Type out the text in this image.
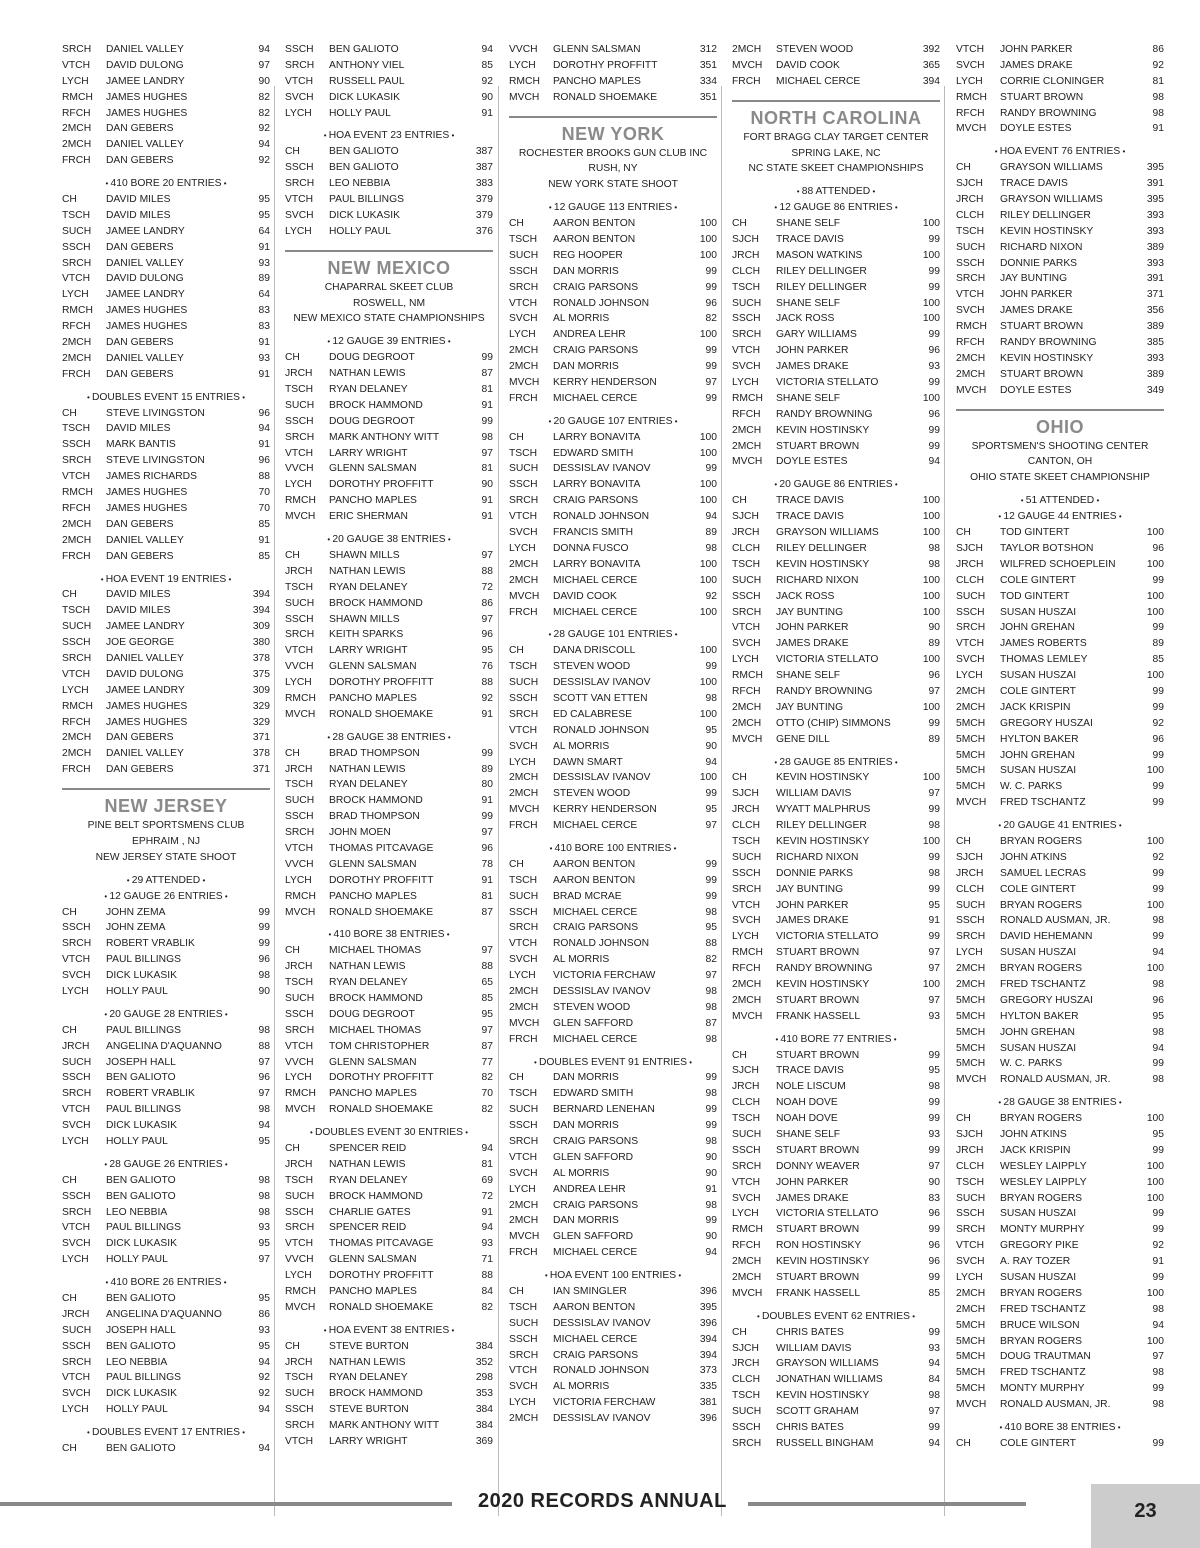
SRCH	DANIEL VALLEY	94
VTCH	DAVID DULONG	97
LYCH	JAMEE LANDRY	90
RMCH	JAMES HUGHES	82
RFCH	JAMES HUGHES	82
2MCH	DAN GEBERS	92
2MCH	DANIEL VALLEY	94
FRCH	DAN GEBERS	92
• 410 BORE 20 ENTRIES •
CH	DAVID MILES	95
TSCH	DAVID MILES	95
SUCH	JAMEE LANDRY	64
SSCH	DAN GEBERS	91
SRCH	DANIEL VALLEY	93
VTCH	DAVID DULONG	89
LYCH	JAMEE LANDRY	64
RMCH	JAMES HUGHES	83
RFCH	JAMES HUGHES	83
2MCH	DAN GEBERS	91
2MCH	DANIEL VALLEY	93
FRCH	DAN GEBERS	91
• DOUBLES EVENT 15 ENTRIES •
CH	STEVE LIVINGSTON	96
TSCH	DAVID MILES	94
SSCH	MARK BANTIS	91
SRCH	STEVE LIVINGSTON	96
VTCH	JAMES RICHARDS	88
RMCH	JAMES HUGHES	70
RFCH	JAMES HUGHES	70
2MCH	DAN GEBERS	85
2MCH	DANIEL VALLEY	91
FRCH	DAN GEBERS	85
• HOA EVENT 19 ENTRIES •
CH	DAVID MILES	394
TSCH	DAVID MILES	394
SUCH	JAMEE LANDRY	309
SSCH	JOE GEORGE	380
SRCH	DANIEL VALLEY	378
VTCH	DAVID DULONG	375
LYCH	JAMEE LANDRY	309
RMCH	JAMES HUGHES	329
RFCH	JAMES HUGHES	329
2MCH	DAN GEBERS	371
2MCH	DANIEL VALLEY	378
FRCH	DAN GEBERS	371
NEW JERSEY
PINE BELT SPORTSMENS CLUB
EPHRAIM , NJ
NEW JERSEY STATE SHOOT
• 29 ATTENDED •
• 12 GAUGE 26 ENTRIES •
CH	JOHN ZEMA	99
SSCH	JOHN ZEMA	99
SRCH	ROBERT VRABLIK	99
VTCH	PAUL BILLINGS	96
SVCH	DICK LUKASIK	98
LYCH	HOLLY PAUL	90
• 20 GAUGE 28 ENTRIES •
CH	PAUL BILLINGS	98
JRCH	ANGELINA D'AQUANNO	88
SUCH	JOSEPH HALL	97
SSCH	BEN GALIOTO	96
SRCH	ROBERT VRABLIK	97
VTCH	PAUL BILLINGS	98
SVCH	DICK LUKASIK	94
LYCH	HOLLY PAUL	95
• 28 GAUGE 26 ENTRIES •
CH	BEN GALIOTO	98
SSCH	BEN GALIOTO	98
SRCH	LEO NEBBIA	98
VTCH	PAUL BILLINGS	93
SVCH	DICK LUKASIK	95
LYCH	HOLLY PAUL	97
• 410 BORE 26 ENTRIES •
CH	BEN GALIOTO	95
JRCH	ANGELINA D'AQUANNO	86
SUCH	JOSEPH HALL	93
SSCH	BEN GALIOTO	95
SRCH	LEO NEBBIA	94
VTCH	PAUL BILLINGS	92
SVCH	DICK LUKASIK	92
LYCH	HOLLY PAUL	94
• DOUBLES EVENT 17 ENTRIES •
CH	BEN GALIOTO	94
SSCH	BEN GALIOTO	94
SRCH	ANTHONY VIEL	85
VTCH	RUSSELL PAUL	92
SVCH	DICK LUKASIK	90
LYCH	HOLLY PAUL	91
• HOA EVENT 23 ENTRIES •
CH	BEN GALIOTO	387
SSCH	BEN GALIOTO	387
SRCH	LEO NEBBIA	383
VTCH	PAUL BILLINGS	379
SVCH	DICK LUKASIK	379
LYCH	HOLLY PAUL	376
NEW MEXICO
CHAPARRAL SKEET CLUB
ROSWELL, NM
NEW MEXICO STATE CHAMPIONSHIPS
• 12 GAUGE 39 ENTRIES •
CH	DOUG DEGROOT	99
JRCH	NATHAN LEWIS	87
TSCH	RYAN DELANEY	81
SUCH	BROCK HAMMOND	91
SSCH	DOUG DEGROOT	99
SRCH	MARK ANTHONY WITT	98
VTCH	LARRY WRIGHT	97
VVCH	GLENN SALSMAN	81
LYCH	DOROTHY PROFFITT	90
RMCH	PANCHO MAPLES	91
MVCH	ERIC SHERMAN	91
• 20 GAUGE 38 ENTRIES •
CH	SHAWN MILLS	97
JRCH	NATHAN LEWIS	88
TSCH	RYAN DELANEY	72
SUCH	BROCK HAMMOND	86
SSCH	SHAWN MILLS	97
SRCH	KEITH SPARKS	96
VTCH	LARRY WRIGHT	95
VVCH	GLENN SALSMAN	76
LYCH	DOROTHY PROFFITT	88
RMCH	PANCHO MAPLES	92
MVCH	RONALD SHOEMAKE	91
• 28 GAUGE 38 ENTRIES •
CH	BRAD THOMPSON	99
JRCH	NATHAN LEWIS	89
TSCH	RYAN DELANEY	80
SUCH	BROCK HAMMOND	91
SSCH	BRAD THOMPSON	99
SRCH	JOHN MOEN	97
VTCH	THOMAS PITCAVAGE	96
VVCH	GLENN SALSMAN	78
LYCH	DOROTHY PROFFITT	91
RMCH	PANCHO MAPLES	81
MVCH	RONALD SHOEMAKE	87
• 410 BORE 38 ENTRIES •
CH	MICHAEL THOMAS	97
JRCH	NATHAN LEWIS	88
TSCH	RYAN DELANEY	65
SUCH	BROCK HAMMOND	85
SSCH	DOUG DEGROOT	95
SRCH	MICHAEL THOMAS	97
VTCH	TOM CHRISTOPHER	87
VVCH	GLENN SALSMAN	77
LYCH	DOROTHY PROFFITT	82
RMCH	PANCHO MAPLES	70
MVCH	RONALD SHOEMAKE	82
• DOUBLES EVENT 30 ENTRIES •
CH	SPENCER REID	94
JRCH	NATHAN LEWIS	81
TSCH	RYAN DELANEY	69
SUCH	BROCK HAMMOND	72
SSCH	CHARLIE GATES	91
SRCH	SPENCER REID	94
VTCH	THOMAS PITCAVAGE	93
VVCH	GLENN SALSMAN	71
LYCH	DOROTHY PROFFITT	88
RMCH	PANCHO MAPLES	84
MVCH	RONALD SHOEMAKE	82
• HOA EVENT 38 ENTRIES •
CH	STEVE BURTON	384
JRCH	NATHAN LEWIS	352
TSCH	RYAN DELANEY	298
SUCH	BROCK HAMMOND	353
SSCH	STEVE BURTON	384
SRCH	MARK ANTHONY WITT	384
VTCH	LARRY WRIGHT	369
VVCH	GLENN SALSMAN	312
LYCH	DOROTHY PROFFITT	351
RMCH	PANCHO MAPLES	334
MVCH	RONALD SHOEMAKE	351
NEW YORK
ROCHESTER BROOKS GUN CLUB INC
RUSH, NY
NEW YORK STATE SHOOT
• 12 GAUGE 113 ENTRIES •
CH	AARON BENTON	100
TSCH	AARON BENTON	100
SUCH	REG HOOPER	100
SSCH	DAN MORRIS	99
SRCH	CRAIG PARSONS	99
VTCH	RONALD JOHNSON	96
SVCH	AL MORRIS	82
LYCH	ANDREA LEHR	100
2MCH	CRAIG PARSONS	99
2MCH	DAN MORRIS	99
MVCH	KERRY HENDERSON	97
FRCH	MICHAEL CERCE	99
• 20 GAUGE 107 ENTRIES •
CH	LARRY BONAVITA	100
TSCH	EDWARD SMITH	100
SUCH	DESSISLAV IVANOV	99
SSCH	LARRY BONAVITA	100
SRCH	CRAIG PARSONS	100
VTCH	RONALD JOHNSON	94
SVCH	FRANCIS SMITH	89
LYCH	DONNA FUSCO	98
2MCH	LARRY BONAVITA	100
2MCH	MICHAEL CERCE	100
MVCH	DAVID COOK	92
FRCH	MICHAEL CERCE	100
• 28 GAUGE 101 ENTRIES •
CH	DANA DRISCOLL	100
TSCH	STEVEN WOOD	99
SUCH	DESSISLAV IVANOV	100
SSCH	SCOTT VAN ETTEN	98
SRCH	ED CALABRESE	100
VTCH	RONALD JOHNSON	95
SVCH	AL MORRIS	90
LYCH	DAWN SMART	94
2MCH	DESSISLAV IVANOV	100
2MCH	STEVEN WOOD	99
MVCH	KERRY HENDERSON	95
FRCH	MICHAEL CERCE	97
• 410 BORE 100 ENTRIES •
CH	AARON BENTON	99
TSCH	AARON BENTON	99
SUCH	BRAD MCRAE	99
SSCH	MICHAEL CERCE	98
SRCH	CRAIG PARSONS	95
VTCH	RONALD JOHNSON	88
SVCH	AL MORRIS	82
LYCH	VICTORIA FERCHAW	97
2MCH	DESSISLAV IVANOV	98
2MCH	STEVEN WOOD	98
MVCH	GLEN SAFFORD	87
FRCH	MICHAEL CERCE	98
• DOUBLES EVENT 91 ENTRIES •
CH	DAN MORRIS	99
TSCH	EDWARD SMITH	98
SUCH	BERNARD LENEHAN	99
SSCH	DAN MORRIS	99
SRCH	CRAIG PARSONS	98
VTCH	GLEN SAFFORD	90
SVCH	AL MORRIS	90
LYCH	ANDREA LEHR	91
2MCH	CRAIG PARSONS	98
2MCH	DAN MORRIS	99
MVCH	GLEN SAFFORD	90
FRCH	MICHAEL CERCE	94
• HOA EVENT 100 ENTRIES •
CH	IAN SMINGLER	396
TSCH	AARON BENTON	395
SUCH	DESSISLAV IVANOV	396
SSCH	MICHAEL CERCE	394
SRCH	CRAIG PARSONS	394
VTCH	RONALD JOHNSON	373
SVCH	AL MORRIS	335
LYCH	VICTORIA FERCHAW	381
2MCH	DESSISLAV IVANOV	396
2MCH	STEVEN WOOD	392
MVCH	DAVID COOK	365
FRCH	MICHAEL CERCE	394
NORTH CAROLINA
FORT BRAGG CLAY TARGET CENTER
SPRING LAKE, NC
NC STATE SKEET CHAMPIONSHIPS
• 88 ATTENDED •
• 12 GAUGE 86 ENTRIES •
CH	SHANE SELF	100
SJCH	TRACE DAVIS	99
JRCH	MASON WATKINS	100
CLCH	RILEY DELLINGER	99
TSCH	RILEY DELLINGER	99
SUCH	SHANE SELF	100
SSCH	JACK ROSS	100
SRCH	GARY WILLIAMS	99
VTCH	JOHN PARKER	96
SVCH	JAMES DRAKE	93
LYCH	VICTORIA STELLATO	99
RMCH	SHANE SELF	100
RFCH	RANDY BROWNING	96
2MCH	KEVIN HOSTINSKY	99
2MCH	STUART BROWN	99
MVCH	DOYLE ESTES	94
• 20 GAUGE 86 ENTRIES •
CH	TRACE DAVIS	100
SJCH	TRACE DAVIS	100
JRCH	GRAYSON WILLIAMS	100
CLCH	RILEY DELLINGER	98
TSCH	KEVIN HOSTINSKY	98
SUCH	RICHARD NIXON	100
SSCH	JACK ROSS	100
SRCH	JAY BUNTING	100
VTCH	JOHN PARKER	90
SVCH	JAMES DRAKE	89
LYCH	VICTORIA STELLATO	100
RMCH	SHANE SELF	96
RFCH	RANDY BROWNING	97
2MCH	JAY BUNTING	100
2MCH	OTTO (CHIP) SIMMONS	99
MVCH	GENE DILL	89
• 28 GAUGE 85 ENTRIES •
CH	KEVIN HOSTINSKY	100
SJCH	WILLIAM DAVIS	97
JRCH	WYATT MALPHRUS	99
CLCH	RILEY DELLINGER	98
TSCH	KEVIN HOSTINSKY	100
SUCH	RICHARD NIXON	99
SSCH	DONNIE PARKS	98
SRCH	JAY BUNTING	99
VTCH	JOHN PARKER	95
SVCH	JAMES DRAKE	91
LYCH	VICTORIA STELLATO	99
RMCH	STUART BROWN	97
RFCH	RANDY BROWNING	97
2MCH	KEVIN HOSTINSKY	100
2MCH	STUART BROWN	97
MVCH	FRANK HASSELL	93
• 410 BORE 77 ENTRIES •
CH	STUART BROWN	99
SJCH	TRACE DAVIS	95
JRCH	NOLE LISCUM	98
CLCH	NOAH DOVE	99
TSCH	NOAH DOVE	99
SUCH	SHANE SELF	93
SSCH	STUART BROWN	99
SRCH	DONNY WEAVER	97
VTCH	JOHN PARKER	90
SVCH	JAMES DRAKE	83
LYCH	VICTORIA STELLATO	96
RMCH	STUART BROWN	99
RFCH	RON HOSTINSKY	96
2MCH	KEVIN HOSTINSKY	96
2MCH	STUART BROWN	99
MVCH	FRANK HASSELL	85
• DOUBLES EVENT 62 ENTRIES •
CH	CHRIS BATES	99
SJCH	WILLIAM DAVIS	93
JRCH	GRAYSON WILLIAMS	94
CLCH	JONATHAN WILLIAMS	84
TSCH	KEVIN HOSTINSKY	98
SUCH	SCOTT GRAHAM	97
SSCH	CHRIS BATES	99
SRCH	RUSSELL BINGHAM	94
VTCH	JOHN PARKER	86
SVCH	JAMES DRAKE	92
LYCH	CORRIE CLONINGER	81
RMCH	STUART BROWN	98
RFCH	RANDY BROWNING	98
MVCH	DOYLE ESTES	91
• HOA EVENT 76 ENTRIES •
CH	GRAYSON WILLIAMS	395
SJCH	TRACE DAVIS	391
JRCH	GRAYSON WILLIAMS	395
CLCH	RILEY DELLINGER	393
TSCH	KEVIN HOSTINSKY	393
SUCH	RICHARD NIXON	389
SSCH	DONNIE PARKS	393
SRCH	JAY BUNTING	391
VTCH	JOHN PARKER	371
SVCH	JAMES DRAKE	356
RMCH	STUART BROWN	389
RFCH	RANDY BROWNING	385
2MCH	KEVIN HOSTINSKY	393
2MCH	STUART BROWN	389
MVCH	DOYLE ESTES	349
OHIO
SPORTSMEN'S SHOOTING CENTER
CANTON, OH
OHIO STATE SKEET CHAMPIONSHIP
• 51 ATTENDED •
• 12 GAUGE 44 ENTRIES •
CH	TOD GINTERT	100
SJCH	TAYLOR BOTSHON	96
JRCH	WILFRED SCHOEPLEIN	100
CLCH	COLE GINTERT	99
SUCH	TOD GINTERT	100
SSCH	SUSAN HUSZAI	100
SRCH	JOHN GREHAN	99
VTCH	JAMES ROBERTS	89
SVCH	THOMAS LEMLEY	85
LYCH	SUSAN HUSZAI	100
2MCH	COLE GINTERT	99
2MCH	JACK KRISPIN	99
5MCH	GREGORY HUSZAI	92
5MCH	HYLTON BAKER	96
5MCH	JOHN GREHAN	99
5MCH	SUSAN HUSZAI	100
5MCH	W. C. PARKS	99
MVCH	FRED TSCHANTZ	99
• 20 GAUGE 41 ENTRIES •
CH	BRYAN ROGERS	100
SJCH	JOHN ATKINS	92
JRCH	SAMUEL LECRAS	99
CLCH	COLE GINTERT	99
SUCH	BRYAN ROGERS	100
SSCH	RONALD AUSMAN, JR.	98
SRCH	DAVID HEHEMANN	99
LYCH	SUSAN HUSZAI	94
2MCH	BRYAN ROGERS	100
2MCH	FRED TSCHANTZ	98
5MCH	GREGORY HUSZAI	96
5MCH	HYLTON BAKER	95
5MCH	JOHN GREHAN	98
5MCH	SUSAN HUSZAI	94
5MCH	W. C. PARKS	99
MVCH	RONALD AUSMAN, JR.	98
• 28 GAUGE 38 ENTRIES •
CH	BRYAN ROGERS	100
SJCH	JOHN ATKINS	95
JRCH	JACK KRISPIN	99
CLCH	WESLEY LAIPPLY	100
TSCH	WESLEY LAIPPLY	100
SUCH	BRYAN ROGERS	100
SSCH	SUSAN HUSZAI	99
SRCH	MONTY MURPHY	99
VTCH	GREGORY PIKE	92
SVCH	A. RAY TOZER	91
LYCH	SUSAN HUSZAI	99
2MCH	BRYAN ROGERS	100
2MCH	FRED TSCHANTZ	98
5MCH	BRUCE WILSON	94
5MCH	BRYAN ROGERS	100
5MCH	DOUG TRAUTMAN	97
5MCH	FRED TSCHANTZ	98
5MCH	MONTY MURPHY	99
MVCH	RONALD AUSMAN, JR.	98
• 410 BORE 38 ENTRIES •
CH	COLE GINTERT	99
2020 RECORDS ANNUAL	23
